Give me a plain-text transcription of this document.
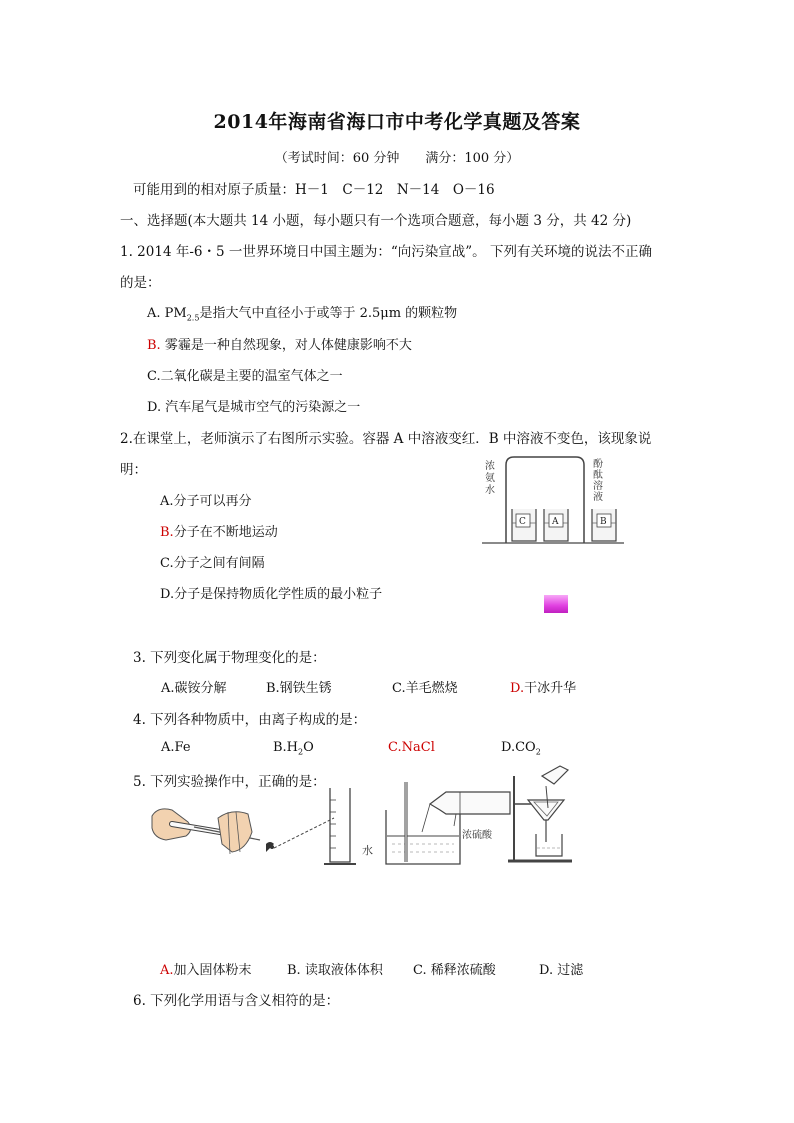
2014年海南省海口市中考化学真题及答案
（考试时间：60 分钟　　满分：100 分）
可能用到的相对原子质量：H－1　C－12　N－14　O－16
一、选择题(本大题共 14 小题，每小题只有一个选项合题意，每小题 3 分，共 42 分)
1. 2014 年-6・5 一世界环境日中国主题为：“向污染宣战”。 下列有关环境的说法不正确
的是：
A. $PM_{2.5}$是指大气中直径小于或等于 2.5μm 的颗粒物
B. 雾霾是一种自然现象，对人体健康影响不大
C.二氧化碳是主要的温室气体之一
D. 汽车尾气是城市空气的污染源之一
2.在课堂上，老师演示了右图所示实验。容器 A 中溶液变红．B 中溶液不变色，该现象说
明：
A.分子可以再分
B.分子在不断地运动
C.分子之间有间隔
D.分子是保持物质化学性质的最小粒子
浓
氨
水
酚
酞
溶
液
C	A	B
3. 下列变化属于物理变化的是：
A.碳铵分解	B.钢铁生锈	C.羊毛燃烧	D.干冰升华
4. 下列各种物质中，由离子构成的是：
A.Fe	$B.H_2O$	C.NaCl	$D.CO_2$
5. 下列实验操作中，正确的是：
水
浓硫酸
A.加入固体粉末	B. 读取液体体积 C. 稀释浓硫酸	D. 过滤
6. 下列化学用语与含义相符的是：
